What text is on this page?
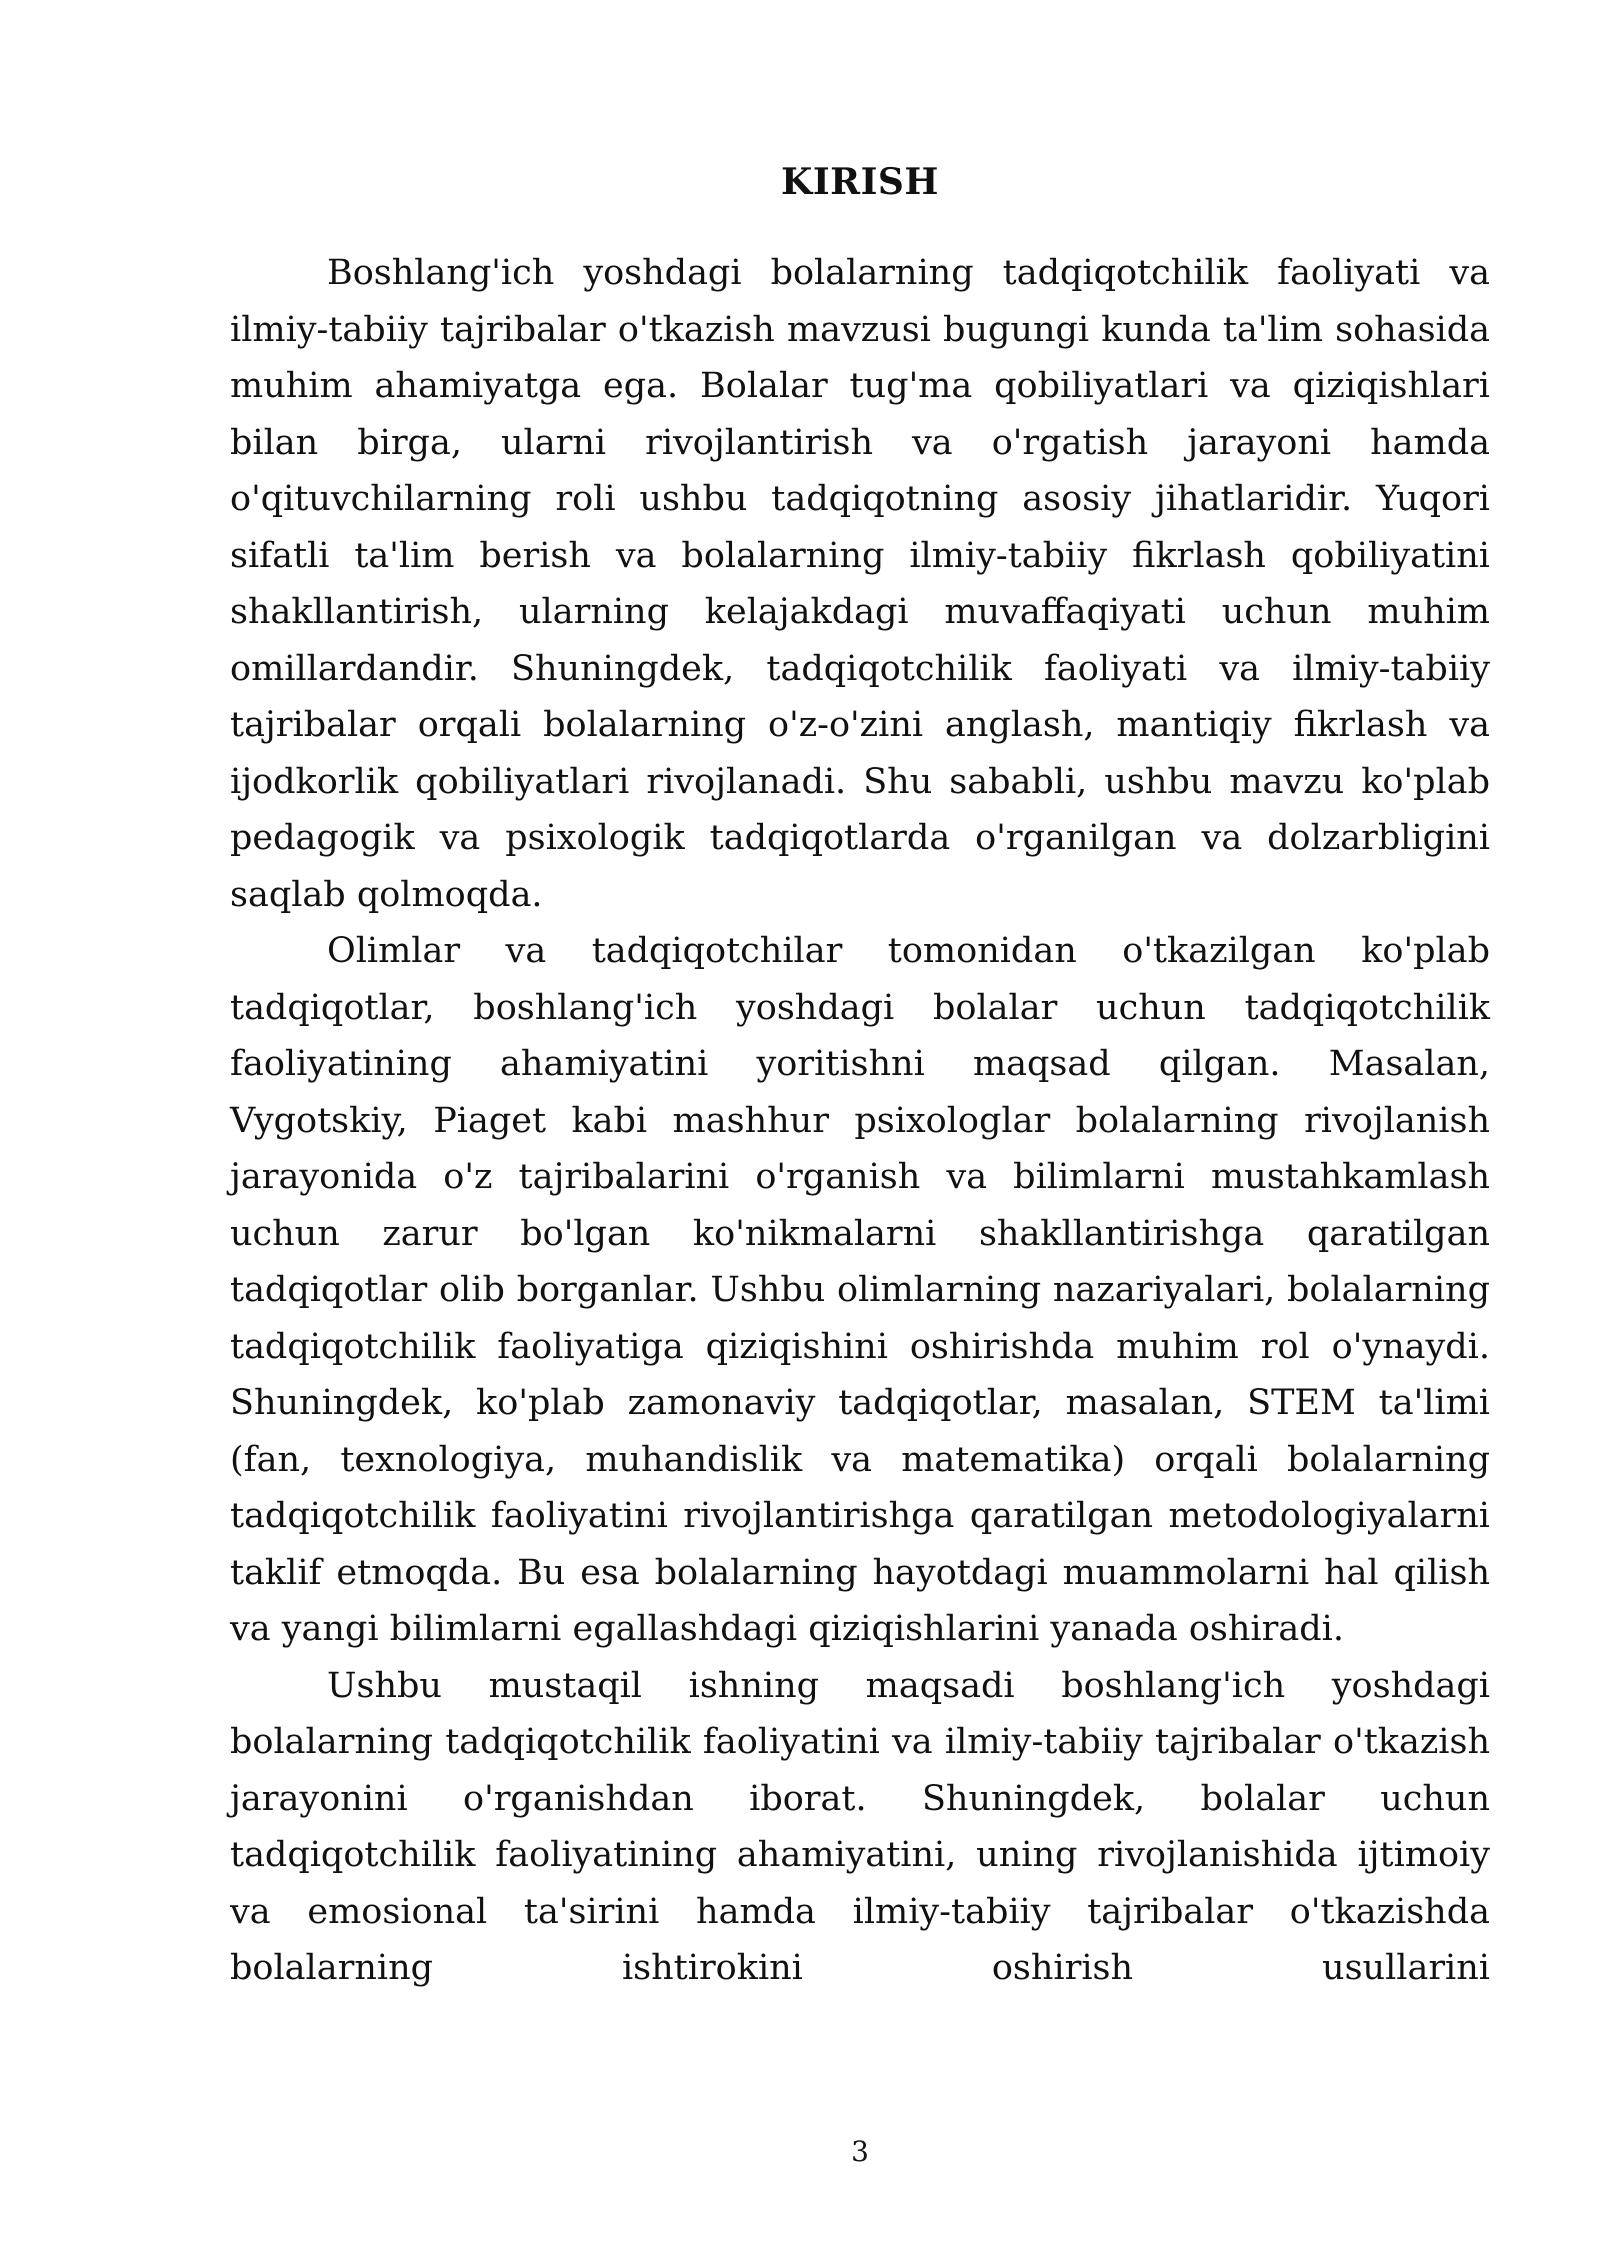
KIRISH

Boshlang'ich yoshdagi bolalarning tadqiqotchilik faoliyati va ilmiy-tabiiy tajribalar o'tkazish mavzusi bugungi kunda ta'lim sohasida muhim ahamiyatga ega. Bolalar tug'ma qobiliyatlari va qiziqishlari bilan birga, ularni rivojlantirish va o'rgatish jarayoni hamda o'qituvchilarning roli ushbu tadqiqotning asosiy jihatlaridir. Yuqori sifatli ta'lim berish va bolalarning ilmiy-tabiiy fikrlash qobiliyatini shakllantirish, ularning kelajakdagi muvaffaqiyati uchun muhim omillardandir. Shuningdek, tadqiqotchilik faoliyati va ilmiy-tabiiy tajribalar orqali bolalarning o'z-o'zini anglash, mantiqiy fikrlash va ijodkorlik qobiliyatlari rivojlanadi. Shu sababli, ushbu mavzu ko'plab pedagogik va psixologik tadqiqotlarda o'rganilgan va dolzarbligini saqlab qolmoqda.

Olimlar va tadqiqotchilar tomonidan o'tkazilgan ko'plab tadqiqotlar, boshlang'ich yoshdagi bolalar uchun tadqiqotchilik faoliyatining ahamiyatini yoritishni maqsad qilgan. Masalan, Vygotskiy, Piaget kabi mashhur psixologlar bolalarning rivojlanish jarayonida o'z tajribalarini o'rganish va bilimlarni mustahkamlash uchun zarur bo'lgan ko'nikmalarni shakllantirishga qaratilgan tadqiqotlar olib borganlar. Ushbu olimlarning nazariyalari, bolalarning tadqiqotchilik faoliyatiga qiziqishini oshirishda muhim rol o'ynaydi. Shuningdek, ko'plab zamonaviy tadqiqotlar, masalan, STEM ta'limi (fan, texnologiya, muhandislik va matematika) orqali bolalarning tadqiqotchilik faoliyatini rivojlantirishga qaratilgan metodologiyalarni taklif etmoqda. Bu esa bolalarning hayotdagi muammolarni hal qilish va yangi bilimlarni egallashdagi qiziqishlarini yanada oshiradi.

Ushbu mustaqil ishning maqsadi boshlang'ich yoshdagi bolalarning tadqiqotchilik faoliyatini va ilmiy-tabiiy tajribalar o'tkazish jarayonini o'rganishdan iborat. Shuningdek, bolalar uchun tadqiqotchilik faoliyatining ahamiyatini, uning rivojlanishida ijtimoiy va emosional ta'sirini hamda ilmiy-tabiiy tajribalar o'tkazishda bolalarning ishtirokini oshirish usullarini

3
